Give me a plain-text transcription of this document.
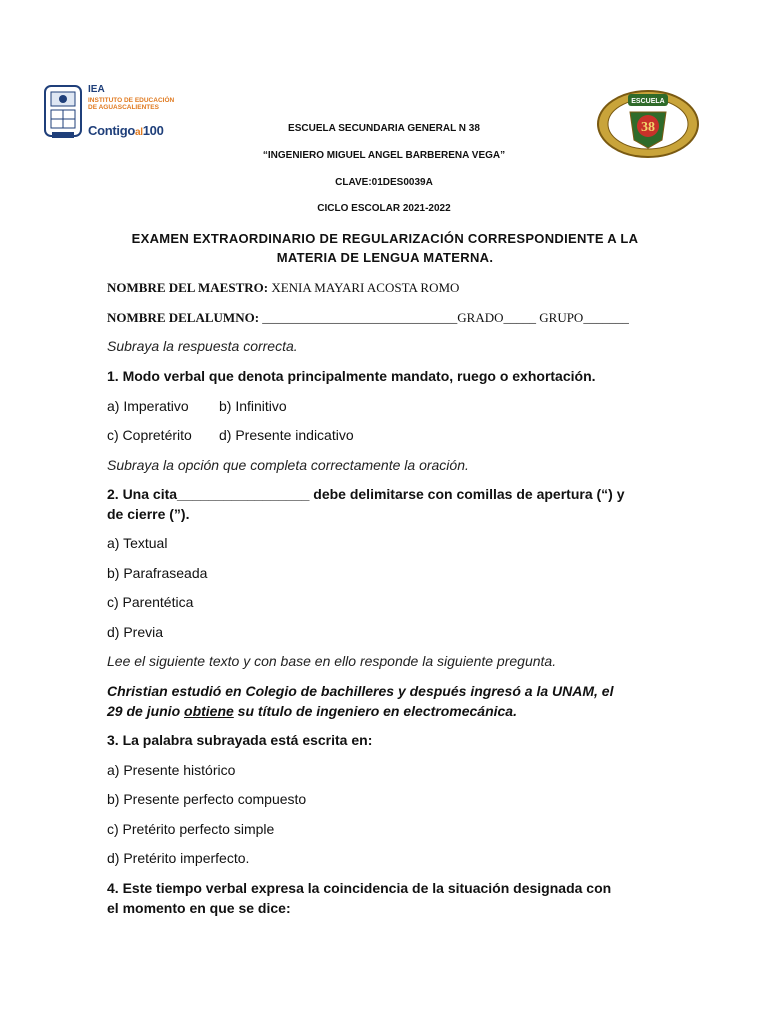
IEA
INSTITUTO DE EDUCACIÓN
DE AGUASCALIENTES
Contigoal100
ESCUELA
38
ESCUELA SECUNDARIA GENERAL N 38
“INGENIERO MIGUEL ANGEL BARBERENA VEGA”
CLAVE:01DES0039A
CICLO ESCOLAR 2021-2022
EXAMEN EXTRAORDINARIO DE REGULARIZACIÓN CORRESPONDIENTE A LA
MATERIA DE LENGUA MATERNA.
NOMBRE DEL MAESTRO: XENIA MAYARI ACOSTA ROMO
NOMBRE DELALUMNO: ______________________________GRADO_____ GRUPO_______
Subraya la respuesta correcta.
1. Modo verbal que denota principalmente mandato, ruego o exhortación.
a) Imperativo b) Infinitivo
c) Copretérito d) Presente indicativo
Subraya la opción que completa correctamente la oración.
2. Una cita_________________ debe delimitarse con comillas de apertura (“) y
de cierre (”).
a) Textual
b) Parafraseada
c) Parentética
d) Previa
Lee el siguiente texto y con base en ello responde la siguiente pregunta.
Christian estudió en Colegio de bachilleres y después ingresó a la UNAM, el
29 de junio obtiene su título de ingeniero en electromecánica.
3. La palabra subrayada está escrita en:
a) Presente histórico
b) Presente perfecto compuesto
c) Pretérito perfecto simple
d) Pretérito imperfecto.
4. Este tiempo verbal expresa la coincidencia de la situación designada con
el momento en que se dice:
